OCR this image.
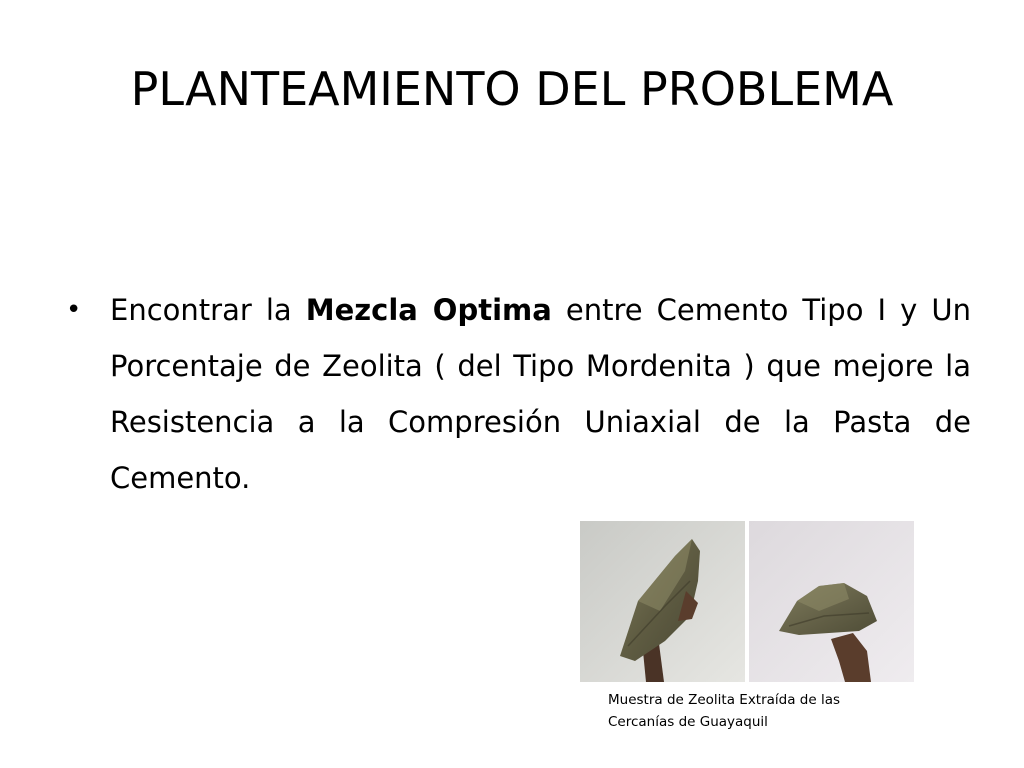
PLANTEAMIENTO DEL PROBLEMA
• Encontrar la Mezcla Optima entre Cemento Tipo I y Un Porcentaje de Zeolita ( del Tipo Mordenita ) que mejore la Resistencia a la Compresión Uniaxial de la Pasta de Cemento.
Muestra de Zeolita Extraída de las
Cercanías de Guayaquil
